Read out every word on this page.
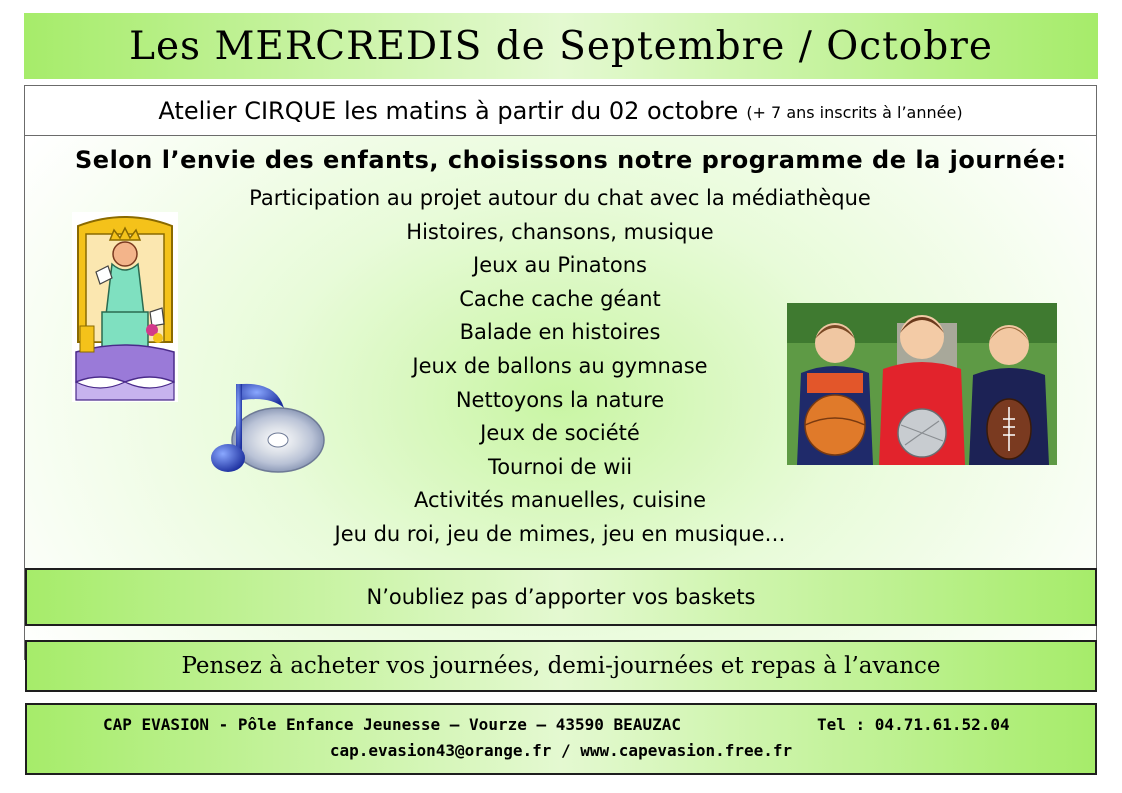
Les MERCREDIS de Septembre / Octobre
Atelier CIRQUE les matins à partir du 02 octobre (+ 7 ans inscrits à l’année)
Selon l’envie des enfants, choisissons notre programme de la journée:
Participation au projet autour du chat avec la médiathèque
Histoires, chansons, musique
Jeux au Pinatons
Cache cache géant
Balade en histoires
Jeux de ballons au gymnase
Nettoyons la nature
Jeux de société
Tournoi de wii
Activités manuelles, cuisine
Jeu du roi, jeu de mimes, jeu en musique…
N’oubliez pas d’apporter vos baskets
Pensez à acheter vos journées, demi-journées et repas à l’avance
CAP EVASION - Pôle Enfance Jeunesse – Vourze – 43590 BEAUZAC	Tel : 04.71.61.52.04
cap.evasion43@orange.fr / www.capevasion.free.fr
